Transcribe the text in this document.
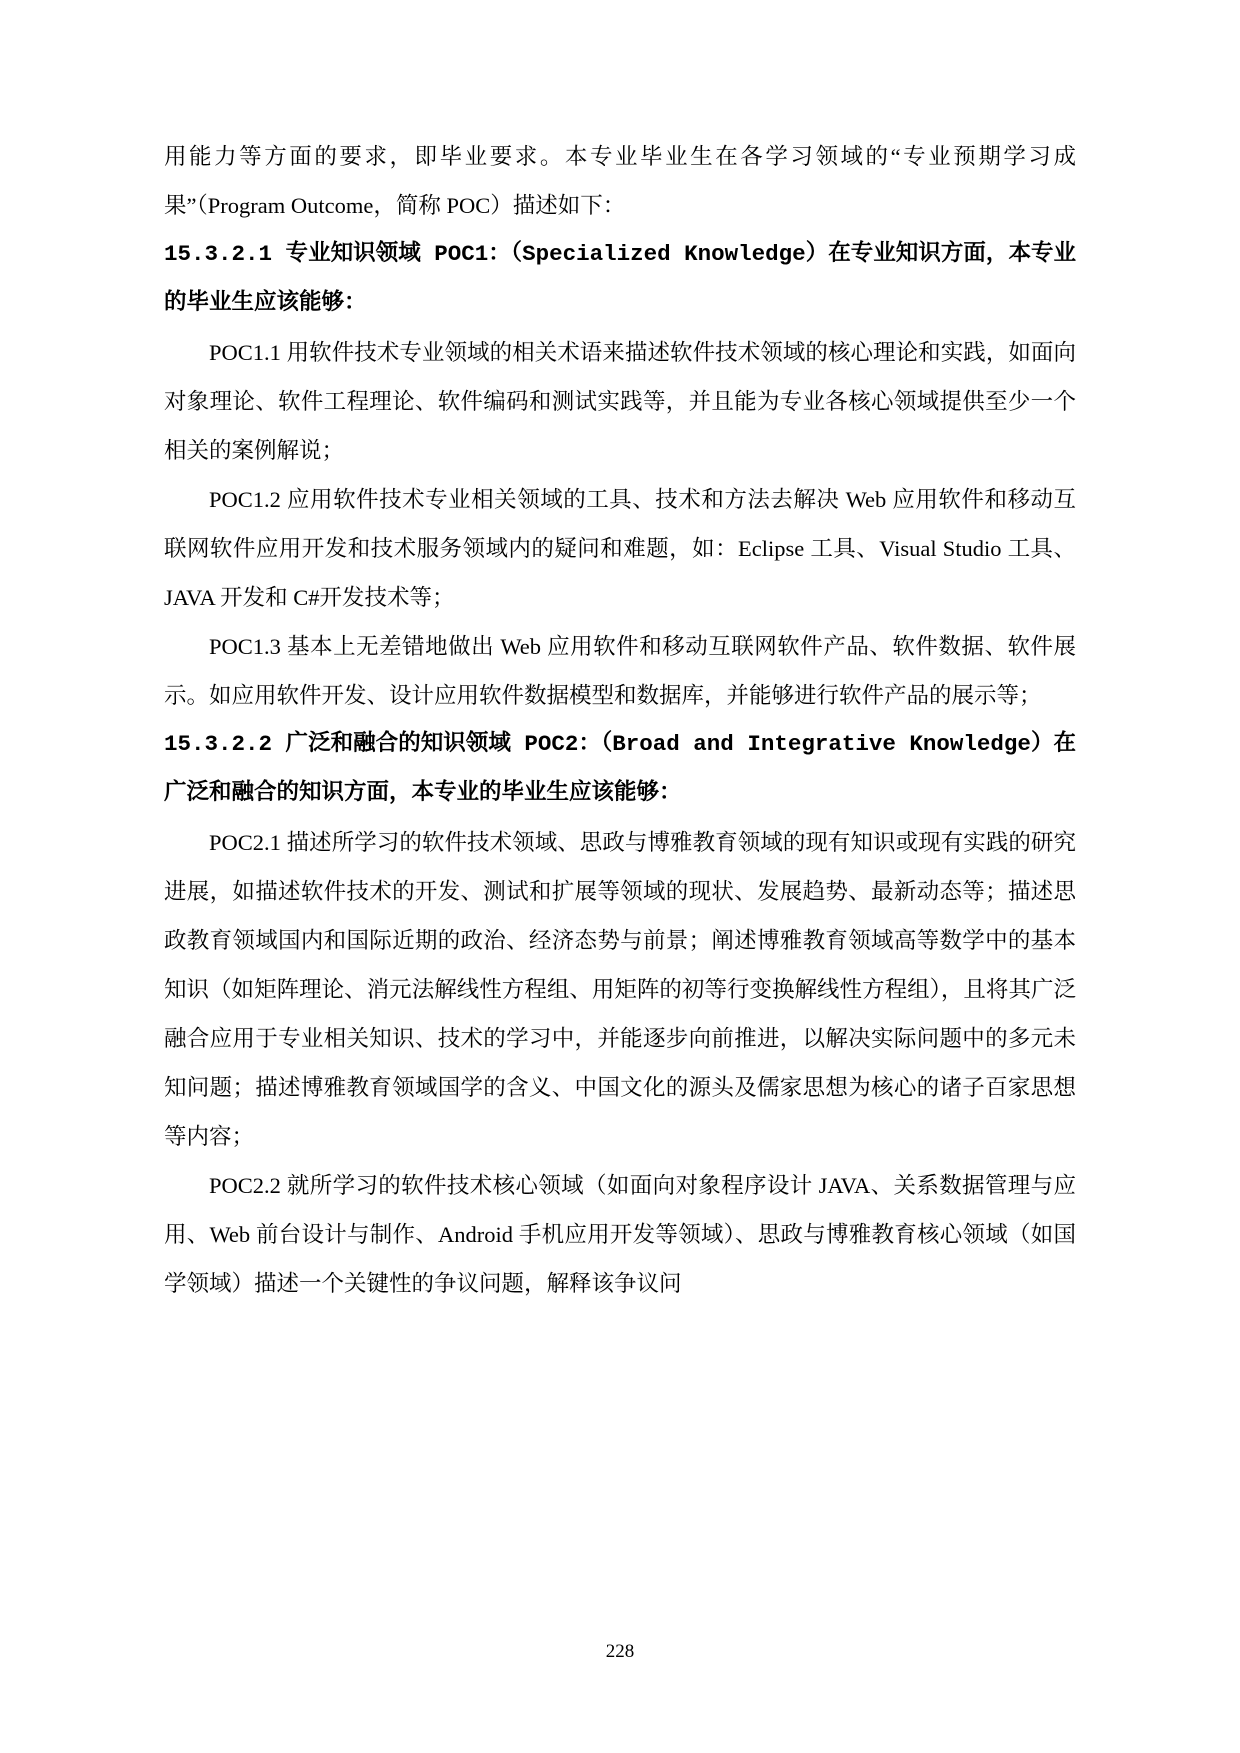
用能力等方面的要求，即毕业要求。本专业毕业生在各学习领域的“专业预期学习成果”（Program Outcome，简称 POC）描述如下：

15.3.2.1 专业知识领域 POC1：（Specialized Knowledge）在专业知识方面，本专业的毕业生应该能够：

POC1.1 用软件技术专业领域的相关术语来描述软件技术领域的核心理论和实践，如面向对象理论、软件工程理论、软件编码和测试实践等，并且能为专业各核心领域提供至少一个相关的案例解说；

POC1.2 应用软件技术专业相关领域的工具、技术和方法去解决 Web 应用软件和移动互联网软件应用开发和技术服务领域内的疑问和难题，如：Eclipse 工具、Visual Studio 工具、JAVA 开发和 C#开发技术等；

POC1.3 基本上无差错地做出 Web 应用软件和移动互联网软件产品、软件数据、软件展示。如应用软件开发、设计应用软件数据模型和数据库，并能够进行软件产品的展示等；

15.3.2.2 广泛和融合的知识领域 POC2：（Broad and Integrative Knowledge）在广泛和融合的知识方面，本专业的毕业生应该能够：

POC2.1 描述所学习的软件技术领域、思政与博雅教育领域的现有知识或现有实践的研究进展，如描述软件技术的开发、测试和扩展等领域的现状、发展趋势、最新动态等；描述思政教育领域国内和国际近期的政治、经济态势与前景；阐述博雅教育领域高等数学中的基本知识（如矩阵理论、消元法解线性方程组、用矩阵的初等行变换解线性方程组），且将其广泛融合应用于专业相关知识、技术的学习中，并能逐步向前推进，以解决实际问题中的多元未知问题；描述博雅教育领域国学的含义、中国文化的源头及儒家思想为核心的诸子百家思想等内容；

POC2.2 就所学习的软件技术核心领域（如面向对象程序设计 JAVA、关系数据管理与应用、Web 前台设计与制作、Android 手机应用开发等领域）、思政与博雅教育核心领域（如国学领域）描述一个关键性的争议问题，解释该争议问

228
